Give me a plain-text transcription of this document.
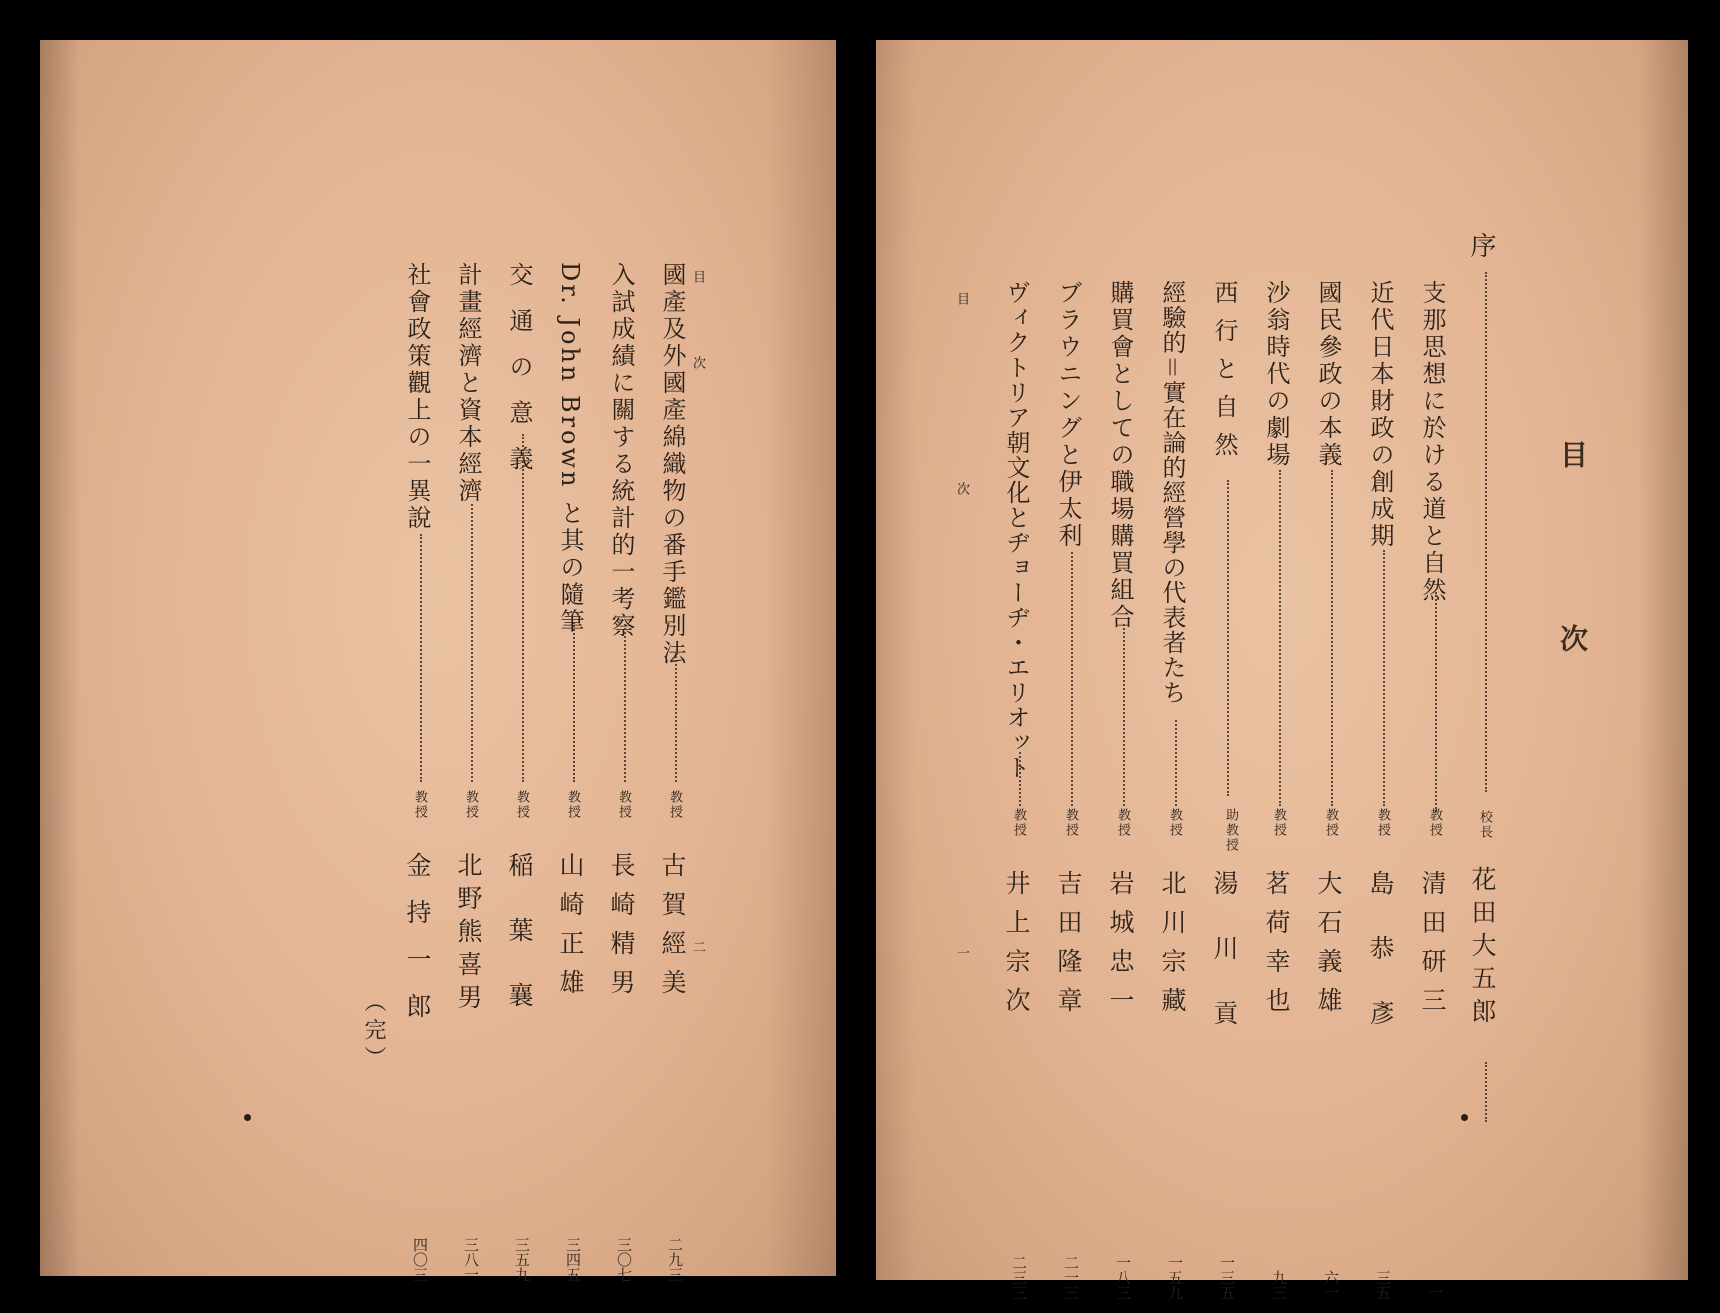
目　次
二
國產及外國產綿織物の番手鑑別法
教授
古賀經美
二九三
入試成績に關する統計的一考察
教授
長崎精男
三〇七
Dr. John Brown と其の隨筆
教授
山崎正雄
三四五
交通の意義
教授
稲葉襄
三五九
計畫經濟と資本經濟
教授
北野熊喜男
三八一
社會政策觀上の一異說
教授
金持一郎
四〇三
（完）
目　次
目　次
一
序
校長
花田大五郎
支那思想に於ける道と自然
教授
清田研三
一
近代日本財政の創成期
教授
島恭彥
三五
國民參政の本義
教授
大石義雄
六一
沙翁時代の劇場
教授
茗荷幸也
九三
西行と自然
助教授
湯川貢
一三五
經驗的＝實在論的經營學の代表者たち
教授
北川宗藏
一五九
購買會としての職場購買組合
教授
岩城忠一
一八三
ブラウニングと伊太利
教授
吉田隆章
二一三
ヴィクトリア朝文化とヂョーヂ・エリオット
教授
井上宗次
二三三
